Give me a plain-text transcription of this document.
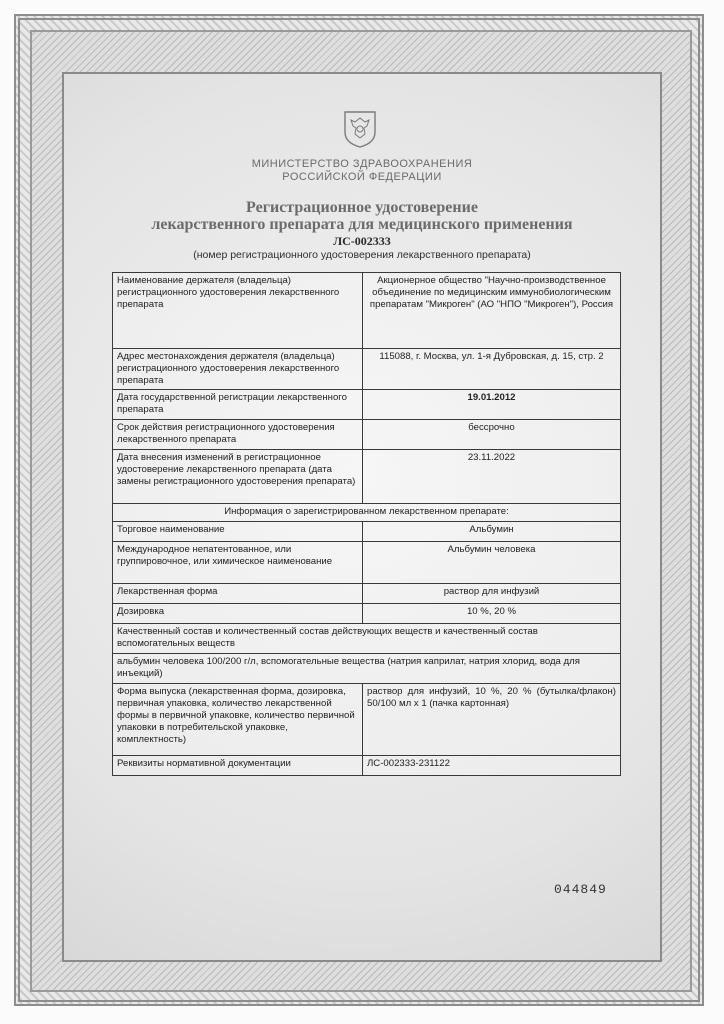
МИНИСТЕРСТВО ЗДРАВООХРАНЕНИЯ
РОССИЙСКОЙ ФЕДЕРАЦИИ
Регистрационное удостоверение
лекарственного препарата для медицинского применения
ЛС-002333
(номер регистрационного удостоверения лекарственного препарата)
Наименование держателя (владельца) регистрационного удостоверения лекарственного препарата	Акционерное общество "Научно-производственное объединение по медицинским иммунобиологическим препаратам "Микроген" (АО "НПО "Микроген"), Россия
Адрес местонахождения держателя (владельца) регистрационного удостоверения лекарственного препарата	115088, г. Москва, ул. 1-я Дубровская, д. 15, стр. 2
Дата государственной регистрации лекарственного препарата	19.01.2012
Срок действия регистрационного удостоверения лекарственного препарата	бессрочно
Дата внесения изменений в регистрационное удостоверение лекарственного препарата (дата замены регистрационного удостоверения препарата)	23.11.2022
Информация о зарегистрированном лекарственном препарате:	
Торговое наименование	Альбумин
Международное непатентованное, или группировочное, или химическое наименование	Альбумин человека
Лекарственная форма	раствор для инфузий
Дозировка	10 %, 20 %
Качественный состав и количественный состав действующих веществ и качественный состав вспомогательных веществ	
альбумин человека 100/200 г/л, вспомогательные вещества (натрия каприлат, натрия хлорид, вода для инъекций)	
Форма выпуска (лекарственная форма, дозировка, первичная упаковка, количество лекарственной формы в первичной упаковке, количество первичной упаковки в потребительской упаковке, комплектность)	раствор для инфузий, 10 %, 20 % (бутылка/флакон) 50/100 мл x 1 (пачка картонная)
Реквизиты нормативной документации	ЛС-002333-231122
044849
